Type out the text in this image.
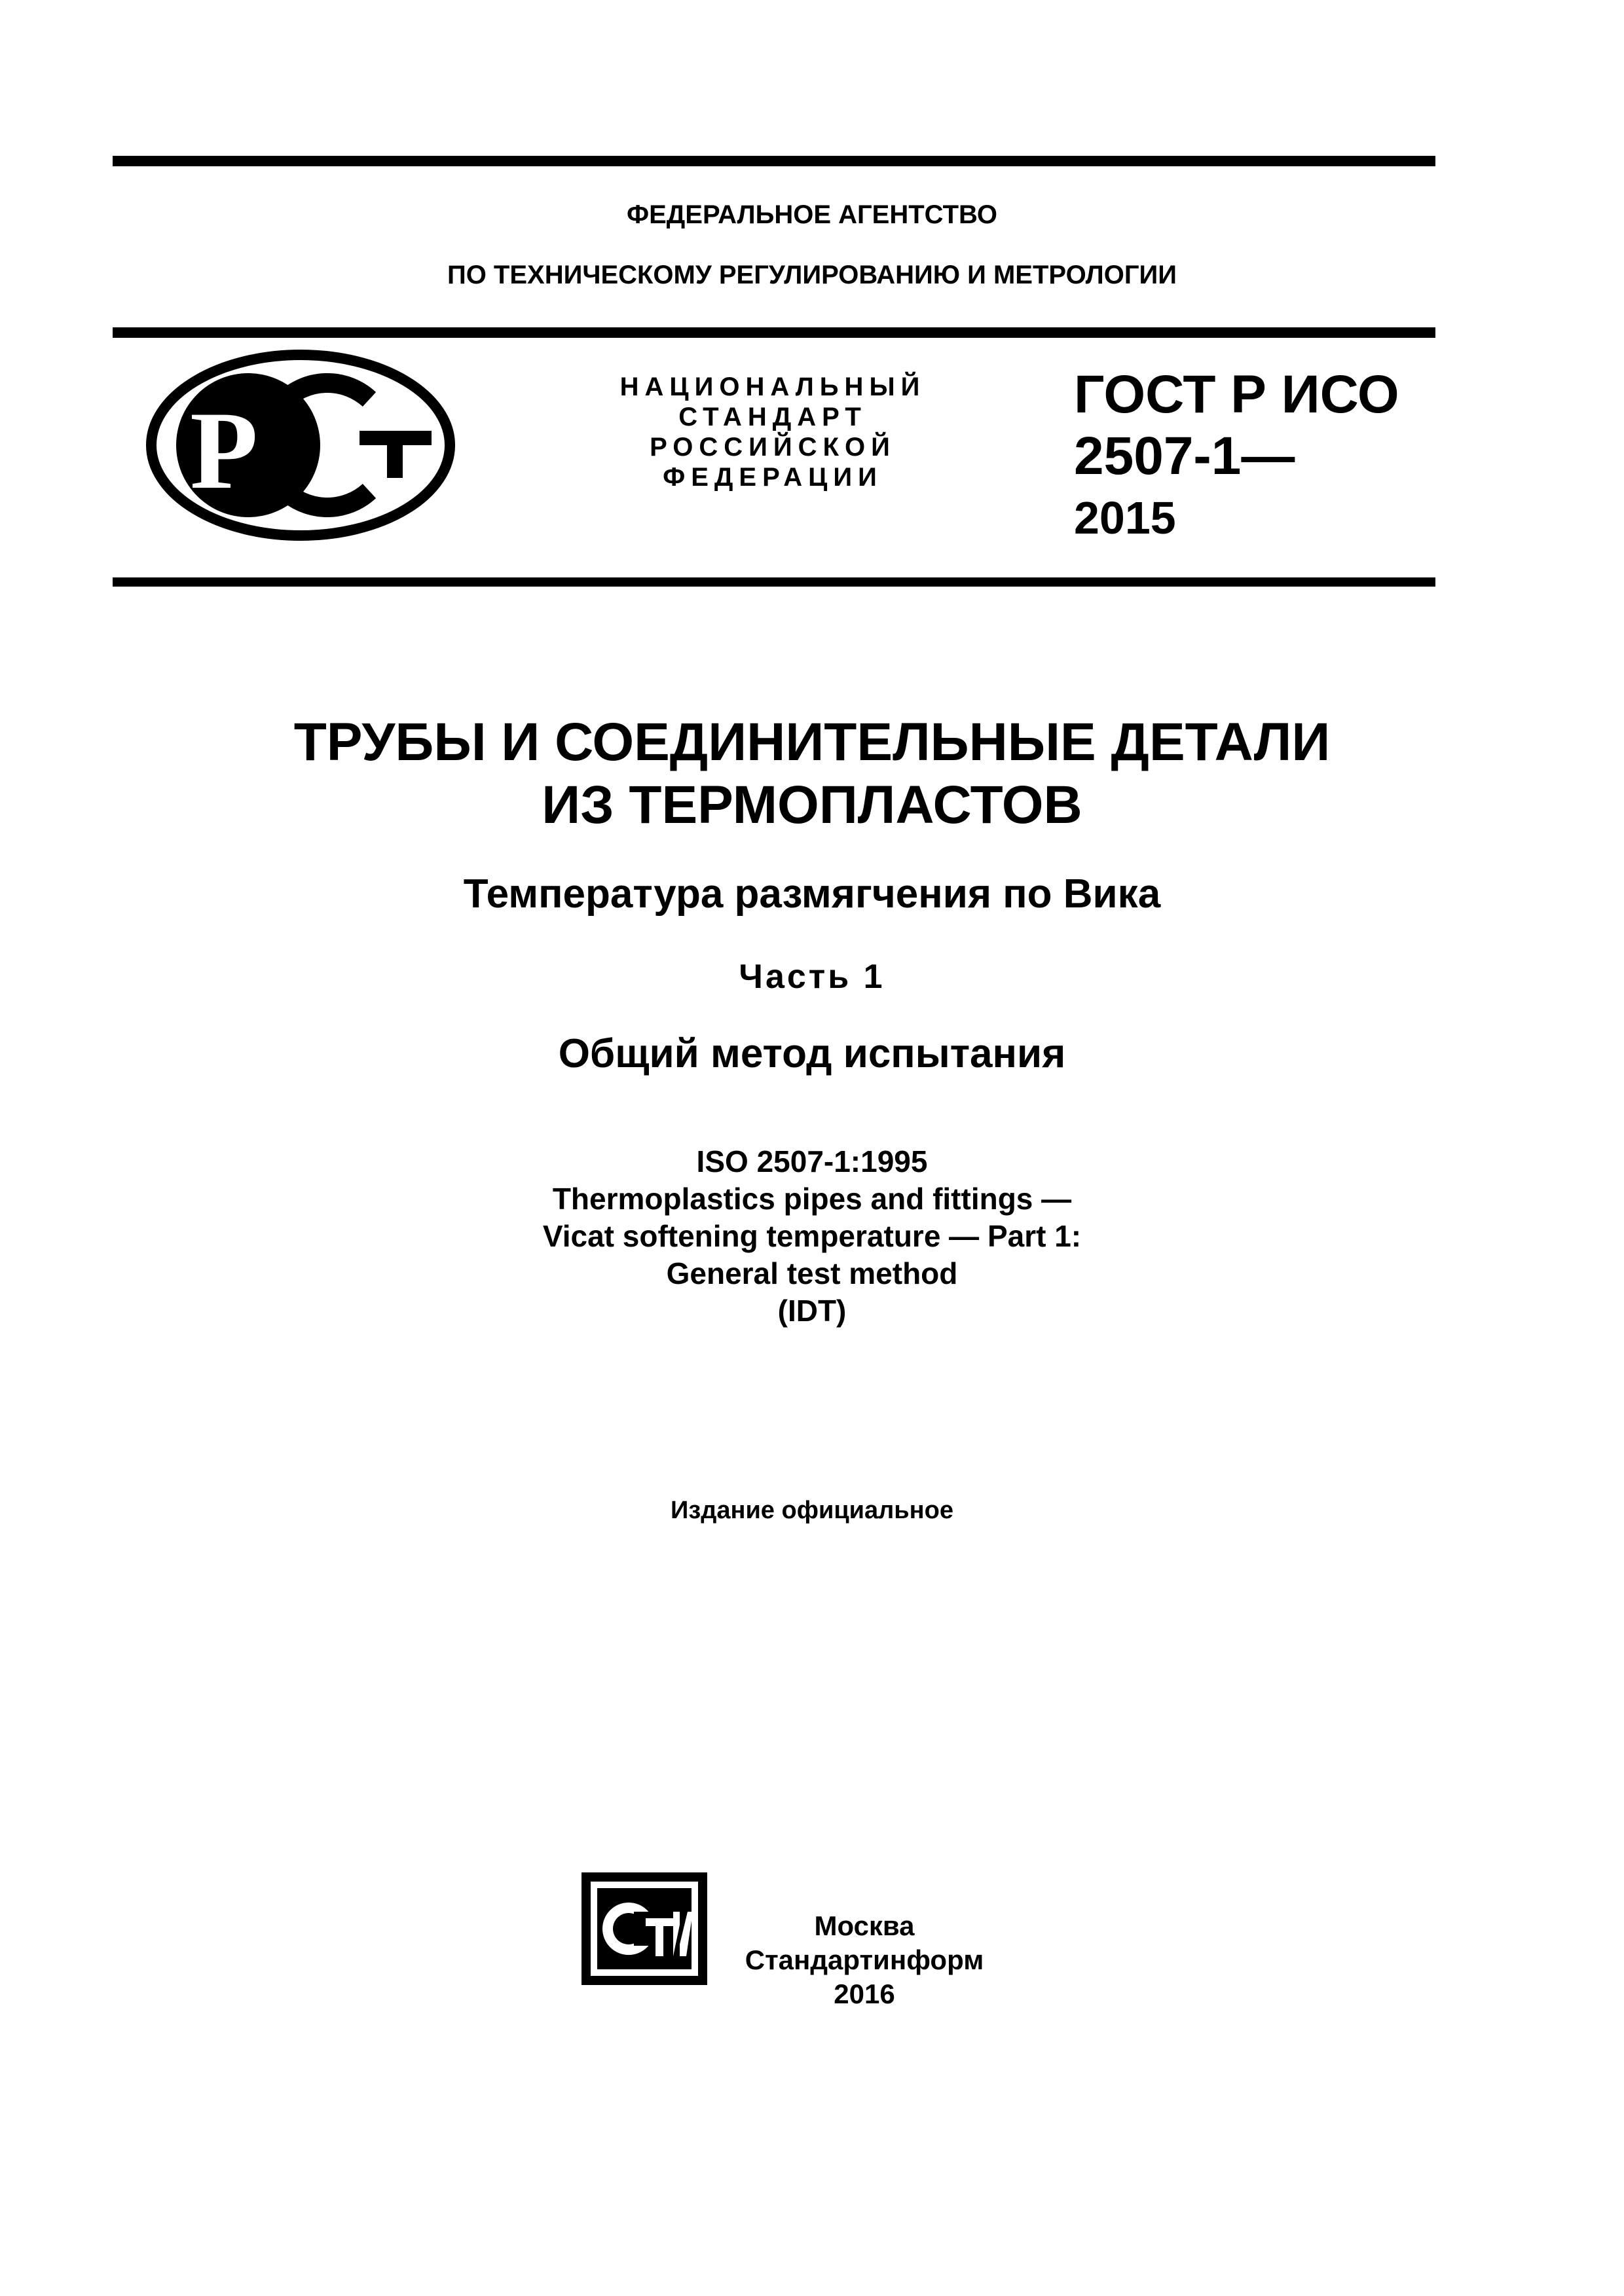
ФЕДЕРАЛЬНОЕ АГЕНТСТВО
ПО ТЕХНИЧЕСКОМУ РЕГУЛИРОВАНИЮ И МЕТРОЛОГИИ
Р
НАЦИОНАЛЬНЫЙ
СТАНДАРТ
РОССИЙСКОЙ
ФЕДЕРАЦИИ
ГОСТ Р ИСО
2507-1—
2015
ТРУБЫ И СОЕДИНИТЕЛЬНЫЕ ДЕТАЛИ
ИЗ ТЕРМОПЛАСТОВ
Температура размягчения по Вика
Часть 1
Общий метод испытания
ISO 2507-1:1995
Thermoplastics pipes and fittings —
Vicat softening temperature — Part 1:
General test method
(IDT)
Издание официальное
Москва
Стандартинформ
2016
